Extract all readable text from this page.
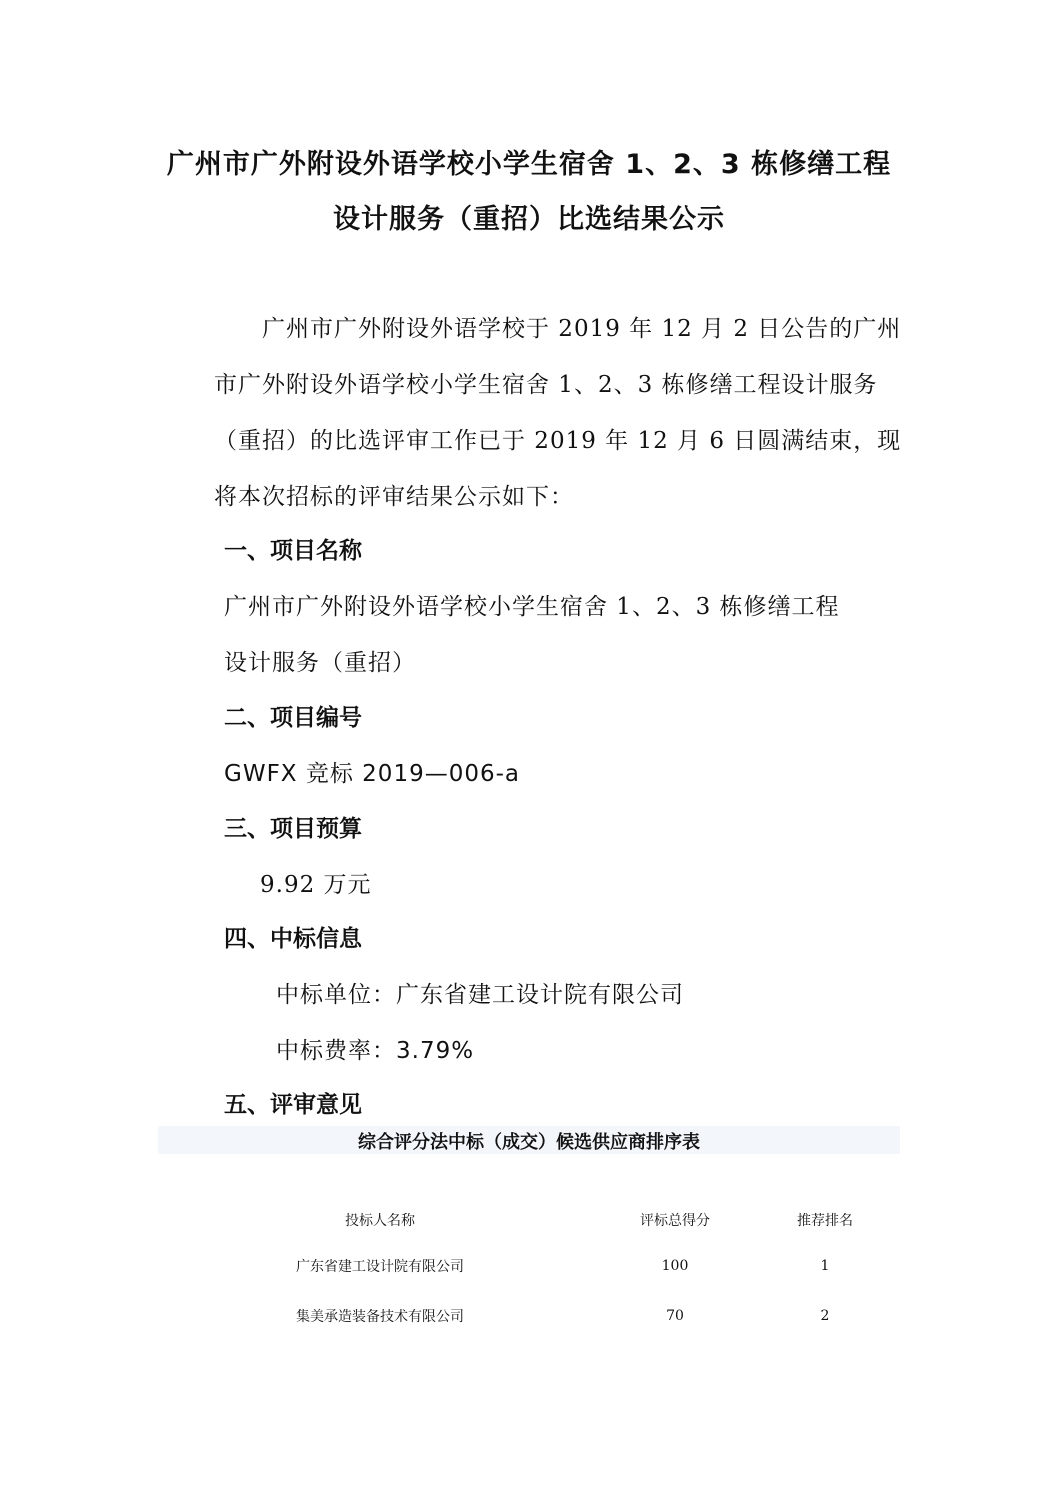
广州市广外附设外语学校小学生宿舍 1、2、3 栋修缮工程
设计服务（重招）比选结果公示
广州市广外附设外语学校于 2019 年 12 月 2 日公告的广州
市广外附设外语学校小学生宿舍 1、2、3 栋修缮工程设计服务
（重招）的比选评审工作已于 2019 年 12 月 6 日圆满结束，现
将本次招标的评审结果公示如下：
一、项目名称
广州市广外附设外语学校小学生宿舍 1、2、3 栋修缮工程
设计服务（重招）
二、项目编号
GWFX 竞标 2019—006-a
三、项目预算
9.92 万元
四、中标信息
中标单位：广东省建工设计院有限公司
中标费率：3.79%
五、评审意见
综合评分法中标（成交）候选供应商排序表
投标人名称	评标总得分	推荐排名
广东省建工设计院有限公司	100	1
集美承造装备技术有限公司	70	2
